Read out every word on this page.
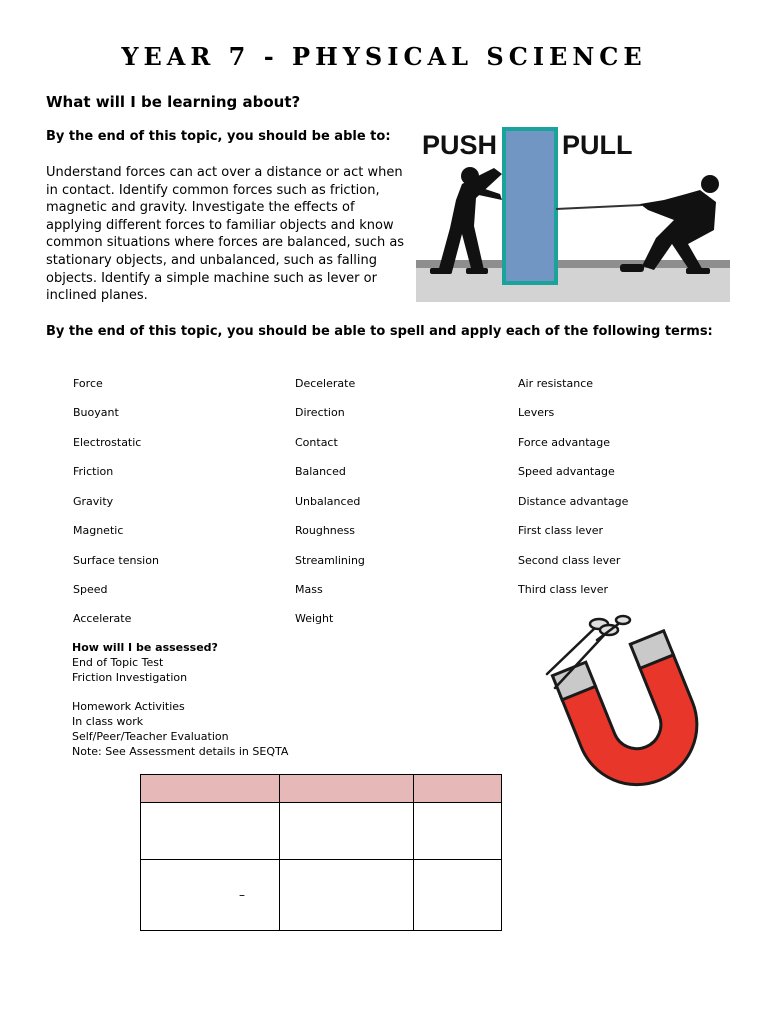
YEAR 7 - PHYSICAL SCIENCE
What will I be learning about?
By the end of this topic, you should be able to:
Understand forces can act over a distance or act when in contact. Identify common forces such as friction, magnetic and gravity. Investigate the effects of applying different forces to familiar objects and know common situations where forces are balanced, such as stationary objects, and unbalanced, such as falling objects. Identify a simple machine such as lever or inclined planes.
PUSH PULL
By the end of this topic, you should be able to spell and apply each of the following terms:
Force
Buoyant
Electrostatic
Friction
Gravity
Magnetic
Surface tension
Speed
Accelerate
Decelerate
Direction
Contact
Balanced
Unbalanced
Roughness
Streamlining
Mass
Weight
Air resistance
Levers
Force advantage
Speed advantage
Distance advantage
First class lever
Second class lever
Third class lever
How will I be assessed?
End of Topic Test
Friction Investigation
Homework Activities
In class work
Self/Peer/Teacher Evaluation
Note: See Assessment details in SEQTA

–		
